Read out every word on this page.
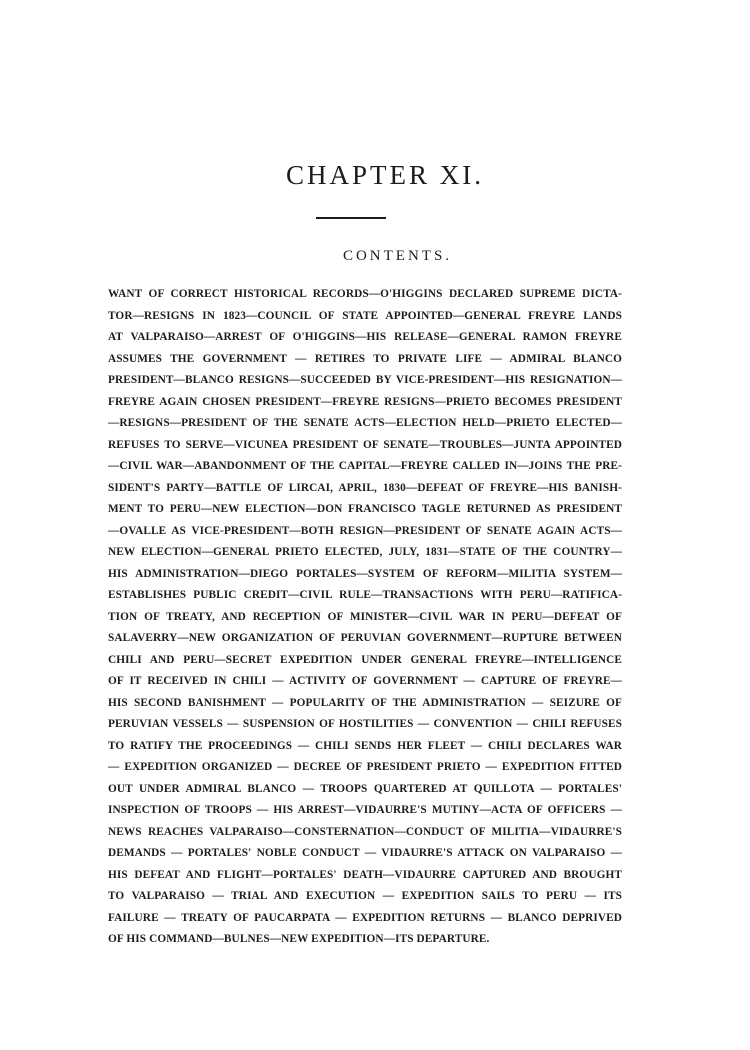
CHAPTER XI.
CONTENTS.
WANT OF CORRECT HISTORICAL RECORDS—O'HIGGINS DECLARED SUPREME DICTA-
TOR—RESIGNS IN 1823—COUNCIL OF STATE APPOINTED—GENERAL FREYRE LANDS
AT VALPARAISO—ARREST OF O'HIGGINS—HIS RELEASE—GENERAL RAMON FREYRE
ASSUMES THE GOVERNMENT — RETIRES TO PRIVATE LIFE — ADMIRAL BLANCO
PRESIDENT—BLANCO RESIGNS—SUCCEEDED BY VICE-PRESIDENT—HIS RESIGNATION—
FREYRE AGAIN CHOSEN PRESIDENT—FREYRE RESIGNS—PRIETO BECOMES PRESIDENT
—RESIGNS—PRESIDENT OF THE SENATE ACTS—ELECTION HELD—PRIETO ELECTED—
REFUSES TO SERVE—VICUNEA PRESIDENT OF SENATE—TROUBLES—JUNTA APPOINTED
—CIVIL WAR—ABANDONMENT OF THE CAPITAL—FREYRE CALLED IN—JOINS THE PRE-
SIDENT'S PARTY—BATTLE OF LIRCAI, APRIL, 1830—DEFEAT OF FREYRE—HIS BANISH-
MENT TO PERU—NEW ELECTION—DON FRANCISCO TAGLE RETURNED AS PRESIDENT
—OVALLE AS VICE-PRESIDENT—BOTH RESIGN—PRESIDENT OF SENATE AGAIN ACTS—
NEW ELECTION—GENERAL PRIETO ELECTED, JULY, 1831—STATE OF THE COUNTRY—
HIS ADMINISTRATION—DIEGO PORTALES—SYSTEM OF REFORM—MILITIA SYSTEM—
ESTABLISHES PUBLIC CREDIT—CIVIL RULE—TRANSACTIONS WITH PERU—RATIFICA-
TION OF TREATY, AND RECEPTION OF MINISTER—CIVIL WAR IN PERU—DEFEAT OF
SALAVERRY—NEW ORGANIZATION OF PERUVIAN GOVERNMENT—RUPTURE BETWEEN
CHILI AND PERU—SECRET EXPEDITION UNDER GENERAL FREYRE—INTELLIGENCE
OF IT RECEIVED IN CHILI — ACTIVITY OF GOVERNMENT — CAPTURE OF FREYRE—
HIS SECOND BANISHMENT — POPULARITY OF THE ADMINISTRATION — SEIZURE OF
PERUVIAN VESSELS — SUSPENSION OF HOSTILITIES — CONVENTION — CHILI REFUSES
TO RATIFY THE PROCEEDINGS — CHILI SENDS HER FLEET — CHILI DECLARES WAR
— EXPEDITION ORGANIZED — DECREE OF PRESIDENT PRIETO — EXPEDITION FITTED
OUT UNDER ADMIRAL BLANCO — TROOPS QUARTERED AT QUILLOTA — PORTALES'
INSPECTION OF TROOPS — HIS ARREST—VIDAURRE'S MUTINY—ACTA OF OFFICERS —
NEWS REACHES VALPARAISO—CONSTERNATION—CONDUCT OF MILITIA—VIDAURRE'S
DEMANDS — PORTALES' NOBLE CONDUCT — VIDAURRE'S ATTACK ON VALPARAISO —
HIS DEFEAT AND FLIGHT—PORTALES' DEATH—VIDAURRE CAPTURED AND BROUGHT
TO VALPARAISO — TRIAL AND EXECUTION — EXPEDITION SAILS TO PERU — ITS
FAILURE — TREATY OF PAUCARPATA — EXPEDITION RETURNS — BLANCO DEPRIVED
OF HIS COMMAND—BULNES—NEW EXPEDITION—ITS DEPARTURE.
